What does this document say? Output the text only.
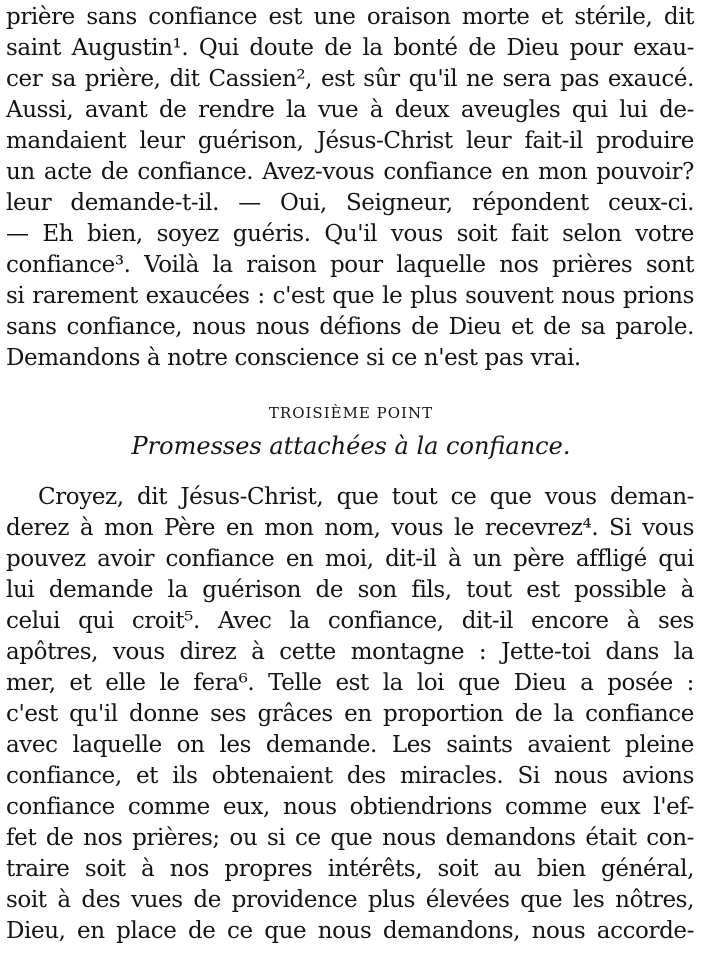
prière sans confiance est une oraison morte et stérile, dit
saint Augustin¹. Qui doute de la bonté de Dieu pour exau-
cer sa prière, dit Cassien², est sûr qu'il ne sera pas exaucé.
Aussi, avant de rendre la vue à deux aveugles qui lui de-
mandaient leur guérison, Jésus-Christ leur fait-il produire
un acte de confiance. Avez-vous confiance en mon pouvoir?
leur demande-t-il. — Oui, Seigneur, répondent ceux-ci.
— Eh bien, soyez guéris. Qu'il vous soit fait selon votre
confiance³. Voilà la raison pour laquelle nos prières sont
si rarement exaucées : c'est que le plus souvent nous prions
sans confiance, nous nous défions de Dieu et de sa parole.
Demandons à notre conscience si ce n'est pas vrai.
TROISIÈME POINT
Promesses attachées à la confiance.
Croyez, dit Jésus-Christ, que tout ce que vous deman-
derez à mon Père en mon nom, vous le recevrez⁴. Si vous
pouvez avoir confiance en moi, dit-il à un père affligé qui
lui demande la guérison de son fils, tout est possible à
celui qui croit⁵. Avec la confiance, dit-il encore à ses
apôtres, vous direz à cette montagne : Jette-toi dans la
mer, et elle le fera⁶. Telle est la loi que Dieu a posée :
c'est qu'il donne ses grâces en proportion de la confiance
avec laquelle on les demande. Les saints avaient pleine
confiance, et ils obtenaient des miracles. Si nous avions
confiance comme eux, nous obtiendrions comme eux l'ef-
fet de nos prières; ou si ce que nous demandons était con-
traire soit à nos propres intérêts, soit au bien général,
soit à des vues de providence plus élevées que les nôtres,
Dieu, en place de ce que nous demandons, nous accorde-
